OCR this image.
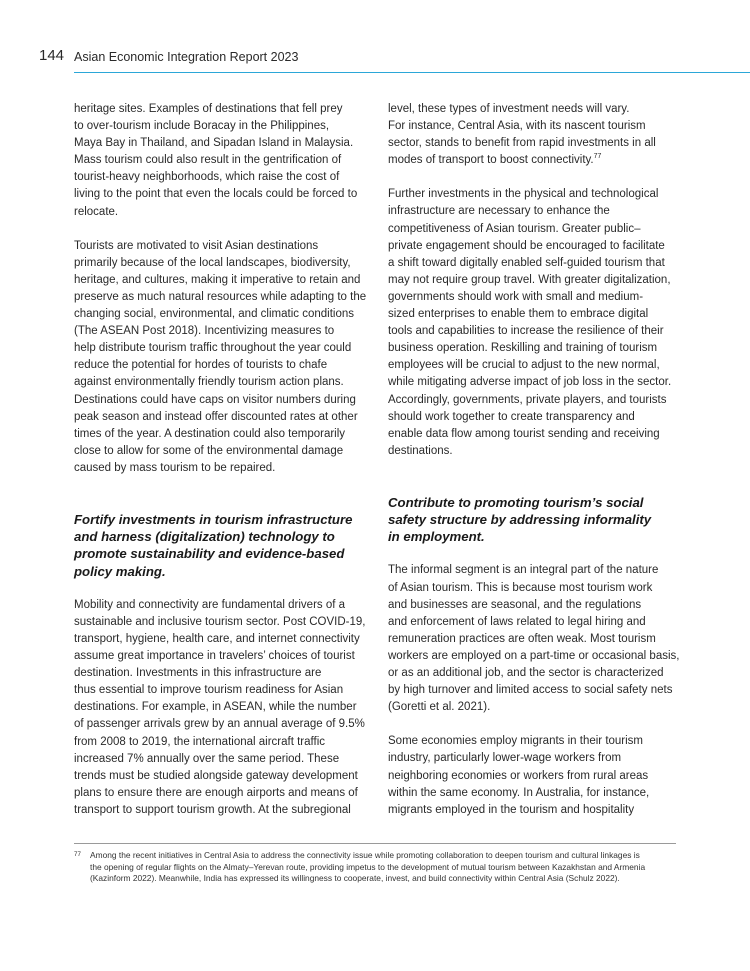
144 Asian Economic Integration Report 2023
heritage sites. Examples of destinations that fell prey
to over-tourism include Boracay in the Philippines,
Maya Bay in Thailand, and Sipadan Island in Malaysia.
Mass tourism could also result in the gentrification of
tourist-heavy neighborhoods, which raise the cost of
living to the point that even the locals could be forced to
relocate.
Tourists are motivated to visit Asian destinations
primarily because of the local landscapes, biodiversity,
heritage, and cultures, making it imperative to retain and
preserve as much natural resources while adapting to the
changing social, environmental, and climatic conditions
(The ASEAN Post 2018). Incentivizing measures to
help distribute tourism traffic throughout the year could
reduce the potential for hordes of tourists to chafe
against environmentally friendly tourism action plans.
Destinations could have caps on visitor numbers during
peak season and instead offer discounted rates at other
times of the year. A destination could also temporarily
close to allow for some of the environmental damage
caused by mass tourism to be repaired.
Fortify investments in tourism infrastructure
and harness (digitalization) technology to
promote sustainability and evidence-based
policy making.
Mobility and connectivity are fundamental drivers of a
sustainable and inclusive tourism sector. Post COVID-19,
transport, hygiene, health care, and internet connectivity
assume great importance in travelers’ choices of tourist
destination. Investments in this infrastructure are
thus essential to improve tourism readiness for Asian
destinations. For example, in ASEAN, while the number
of passenger arrivals grew by an annual average of 9.5%
from 2008 to 2019, the international aircraft traffic
increased 7% annually over the same period. These
trends must be studied alongside gateway development
plans to ensure there are enough airports and means of
transport to support tourism growth. At the subregional
level, these types of investment needs will vary.
For instance, Central Asia, with its nascent tourism
sector, stands to benefit from rapid investments in all
modes of transport to boost connectivity.$^{77}$
Further investments in the physical and technological
infrastructure are necessary to enhance the
competitiveness of Asian tourism. Greater public–
private engagement should be encouraged to facilitate
a shift toward digitally enabled self-guided tourism that
may not require group travel. With greater digitalization,
governments should work with small and medium-
sized enterprises to enable them to embrace digital
tools and capabilities to increase the resilience of their
business operation. Reskilling and training of tourism
employees will be crucial to adjust to the new normal,
while mitigating adverse impact of job loss in the sector.
Accordingly, governments, private players, and tourists
should work together to create transparency and
enable data flow among tourist sending and receiving
destinations.
Contribute to promoting tourism’s social
safety structure by addressing informality
in employment.
The informal segment is an integral part of the nature
of Asian tourism. This is because most tourism work
and businesses are seasonal, and the regulations
and enforcement of laws related to legal hiring and
remuneration practices are often weak. Most tourism
workers are employed on a part-time or occasional basis,
or as an additional job, and the sector is characterized
by high turnover and limited access to social safety nets
(Goretti et al. 2021).
Some economies employ migrants in their tourism
industry, particularly lower-wage workers from
neighboring economies or workers from rural areas
within the same economy. In Australia, for instance,
migrants employed in the tourism and hospitality
77 Among the recent initiatives in Central Asia to address the connectivity issue while promoting collaboration to deepen tourism and cultural linkages is
the opening of regular flights on the Almaty–Yerevan route, providing impetus to the development of mutual tourism between Kazakhstan and Armenia
(Kazinform 2022). Meanwhile, India has expressed its willingness to cooperate, invest, and build connectivity within Central Asia (Schulz 2022).
